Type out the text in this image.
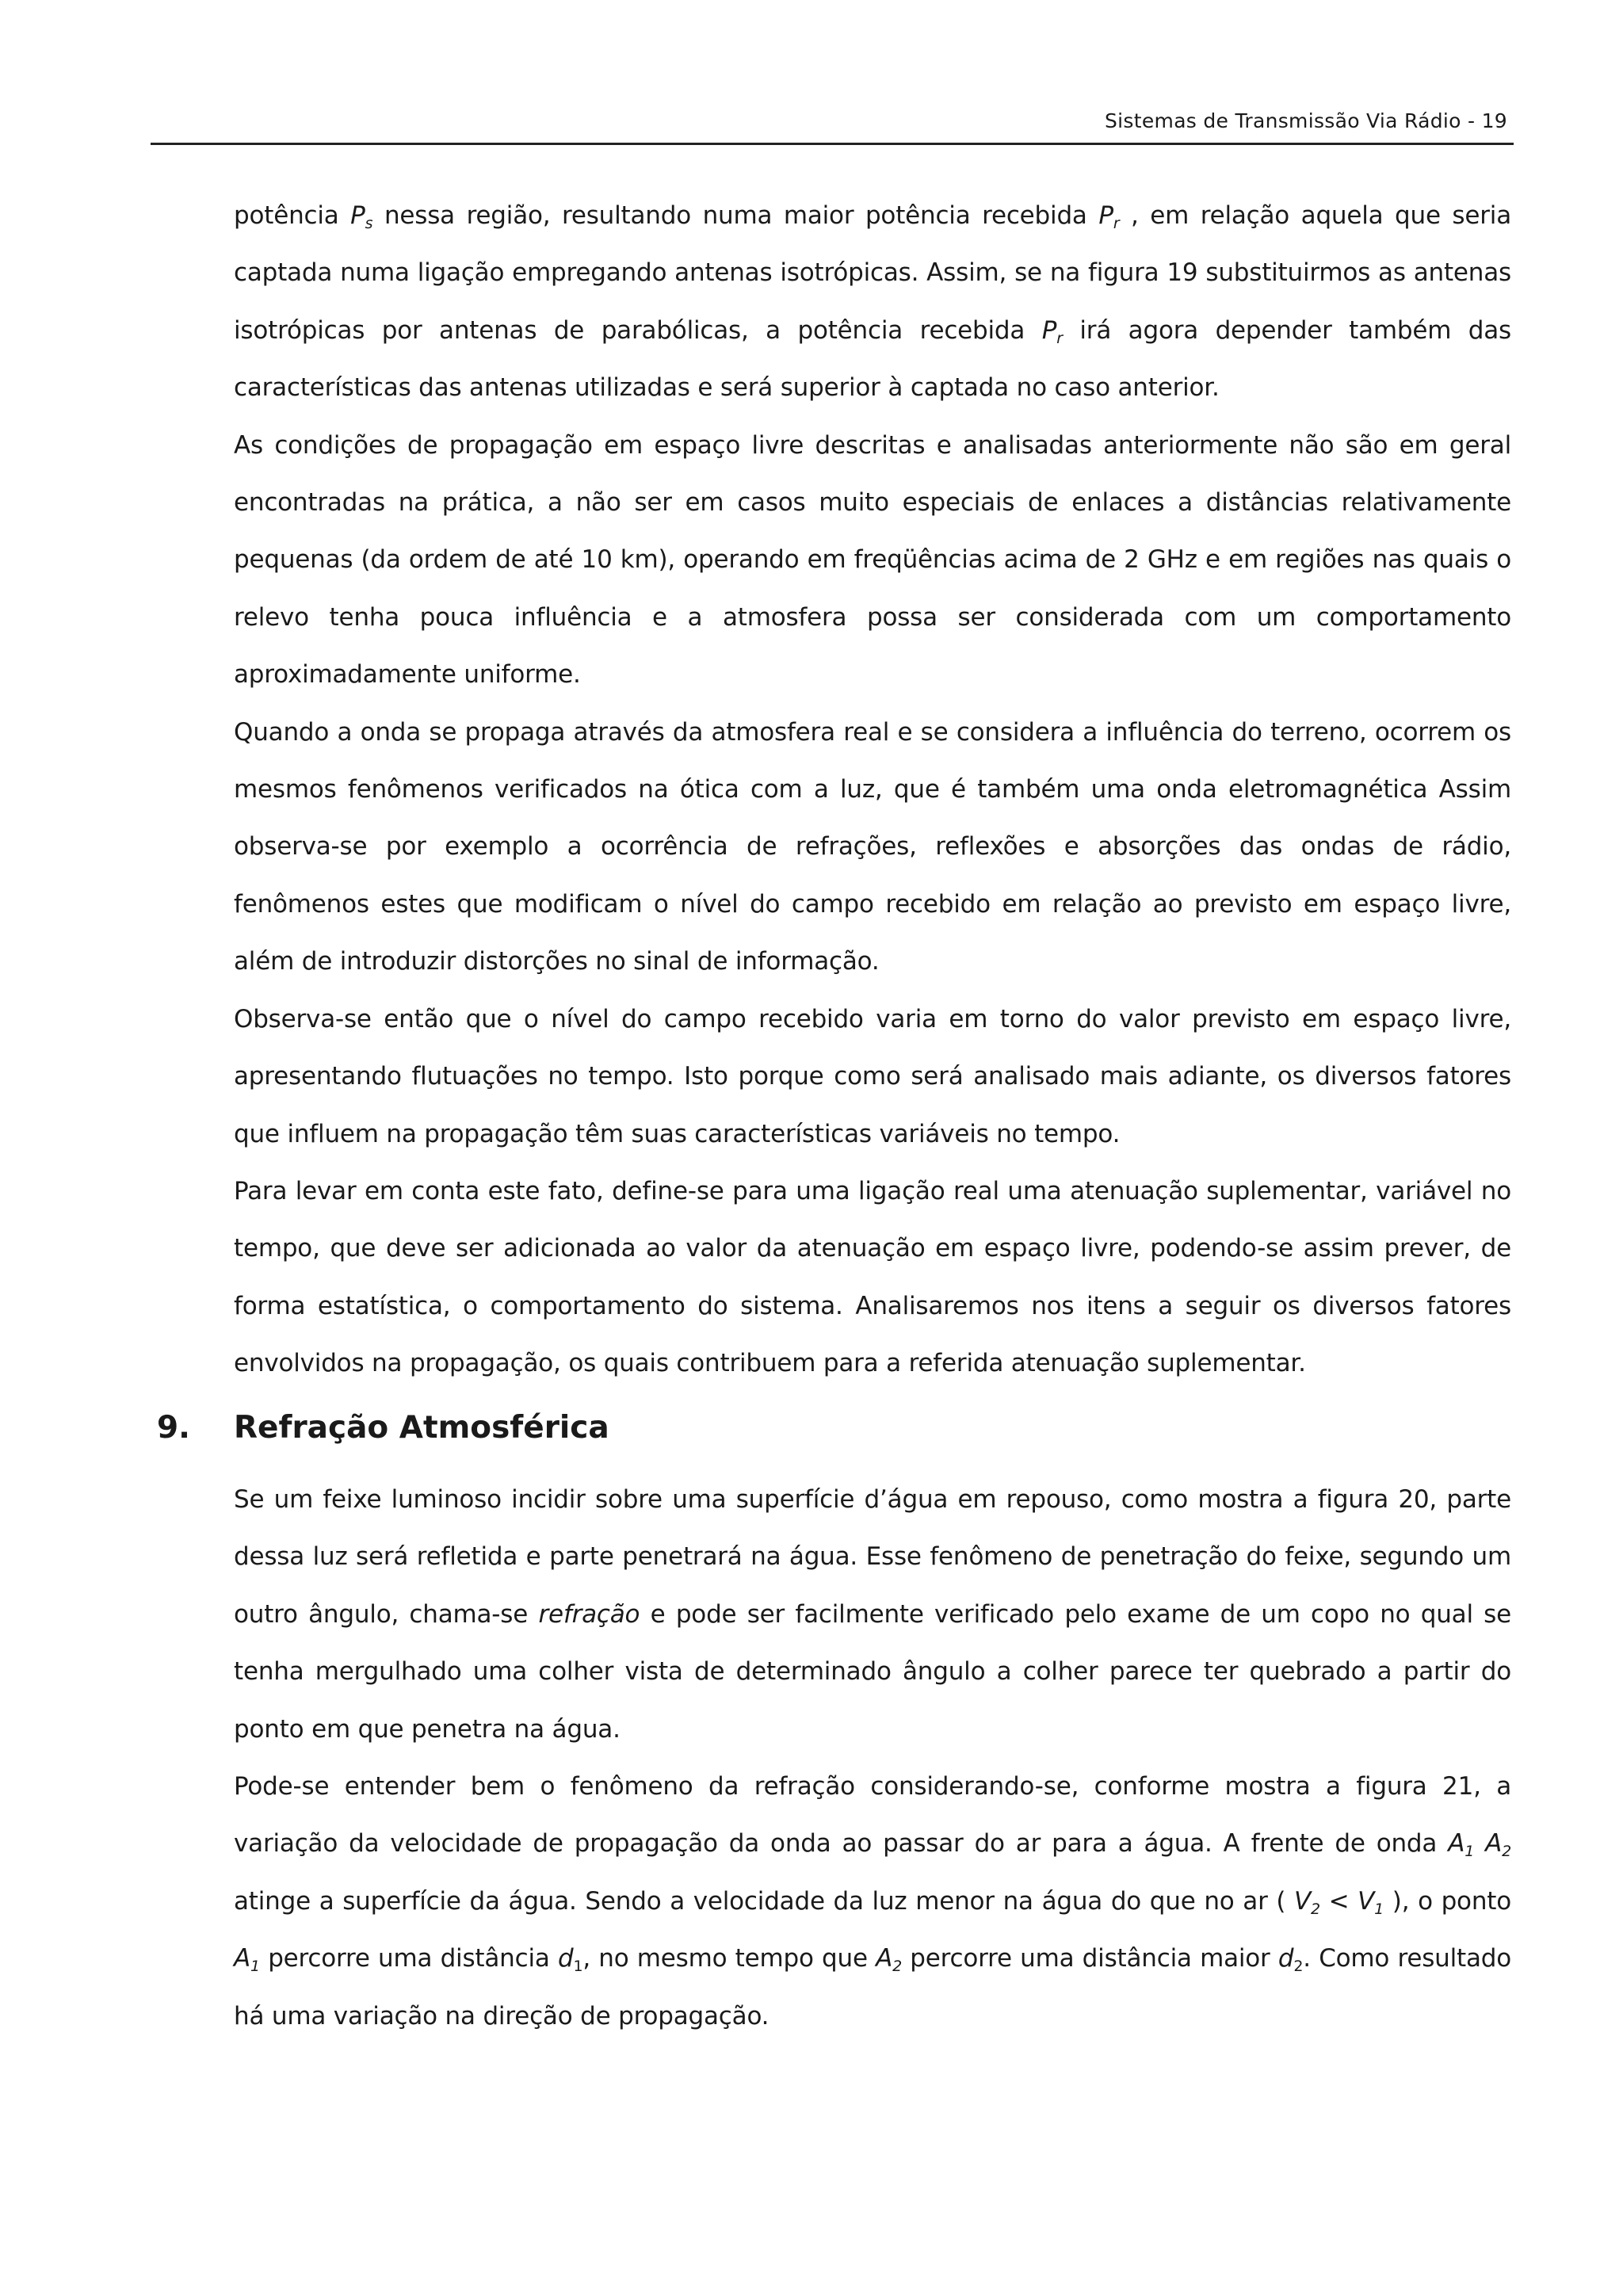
Sistemas de Transmissão Via Rádio - 19

potência $P_s$ nessa região, resultando numa maior potência recebida $P_r$ , em relação aquela que seria captada numa ligação empregando antenas isotrópicas. Assim, se na figura 19 substituirmos as antenas isotrópicas por antenas de parabólicas, a potência recebida $P_r$ irá agora depender também das características das antenas utilizadas e será superior à captada no caso anterior.

As condições de propagação em espaço livre descritas e analisadas anteriormente não são em geral encontradas na prática, a não ser em casos muito especiais de enlaces a distâncias relativamente pequenas (da ordem de até 10 km), operando em freqüências acima de 2 GHz e em regiões nas quais o relevo tenha pouca influência e a atmosfera possa ser considerada com um comportamento aproximadamente uniforme.

Quando a onda se propaga através da atmosfera real e se considera a influência do terreno, ocorrem os mesmos fenômenos verificados na ótica com a luz, que é também uma onda eletromagnética Assim observa-se por exemplo a ocorrência de refrações, reflexões e absorções das ondas de rádio, fenômenos estes que modificam o nível do campo recebido em relação ao previsto em espaço livre, além de introduzir distorções no sinal de informação.

Observa-se então que o nível do campo recebido varia em torno do valor previsto em espaço livre, apresentando flutuações no tempo. Isto porque como será analisado mais adiante, os diversos fatores que influem na propagação têm suas características variáveis no tempo.

Para levar em conta este fato, define-se para uma ligação real uma atenuação suplementar, variável no tempo, que deve ser adicionada ao valor da atenuação em espaço livre, podendo-se assim prever, de forma estatística, o comportamento do sistema. Analisaremos nos itens a seguir os diversos fatores envolvidos na propagação, os quais contribuem para a referida atenuação suplementar.

9. Refração Atmosférica

Se um feixe luminoso incidir sobre uma superfície d’água em repouso, como mostra a figura 20, parte dessa luz será refletida e parte penetrará na água. Esse fenômeno de penetração do feixe, segundo um outro ângulo, chama-se refração e pode ser facilmente verificado pelo exame de um copo no qual se tenha mergulhado uma colher vista de determinado ângulo a colher parece ter quebrado a partir do ponto em que penetra na água.

Pode-se entender bem o fenômeno da refração considerando-se, conforme mostra a figura 21, a variação da velocidade de propagação da onda ao passar do ar para a água. A frente de onda $A_1$ $A_2$ atinge a superfície da água. Sendo a velocidade da luz menor na água do que no ar ( $V_2 < V_1$ ), o ponto $A_1$ percorre uma distância $d_1$, no mesmo tempo que $A_2$ percorre uma distância maior $d_2$. Como resultado há uma variação na direção de propagação.
